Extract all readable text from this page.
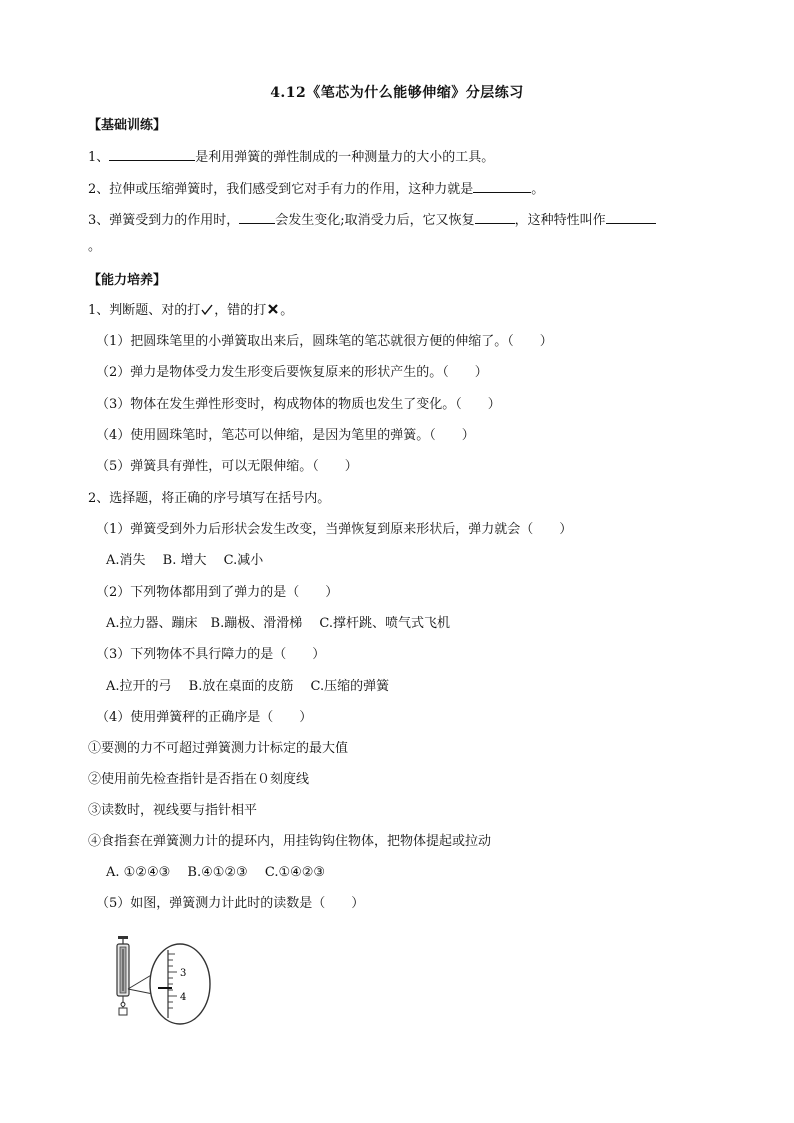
4.12《笔芯为什么能够伸缩》分层练习
【基础训练】
1、	是利用弹簧的弹性制成的一种测量力的大小的工具。
2、拉伸或压缩弹簧时，我们感受到它对手有力的作用，这种力就是	。
3、弹簧受到力的作用时，	会发生变化;取消受力后，它又恢复	，这种特性叫作
。
【能力培养】
1、判断题、对的打 ，错的打 。
（1）把圆珠笔里的小弹簧取出来后，圆珠笔的笔芯就很方便的伸缩了。（　　）
（2）弹力是物体受力发生形变后要恢复原来的形状产生的。（　　）
（3）物体在发生弹性形变时，构成物体的物质也发生了变化。（　　）
（4）使用圆珠笔时，笔芯可以伸缩，是因为笔里的弹簧。（　　）
（5）弹簧具有弹性，可以无限伸缩。（　　）
2、选择题，将正确的序号填写在括号内。
（1）弹簧受到外力后形状会发生改变，当弹恢复到原来形状后，弹力就会（　　）
A.消失　 B. 增大　 C.减小
（2）下列物体都用到了弹力的是（　　）
A.拉力器、蹦床　B.蹦极、滑滑梯　 C.撑杆跳、喷气式飞机
（3）下列物体不具行障力的是（　　）
A.拉开的弓　 B.放在桌面的皮筋　 C.压缩的弹簧
（4）使用弹簧秤的正确序是（　　）
①要测的力不可超过弹簧测力计标定的最大值
②使用前先检查指针是否指在０刻度线
③读数时，视线要与指针相平
④食指套在弹簧测力计的提环内，用挂钩钩住物体，把物体提起或拉动
A. ①②④③　 B.④①②③　 C.①④②③
（5）如图，弹簧测力计此时的读数是（　　）
3
4
